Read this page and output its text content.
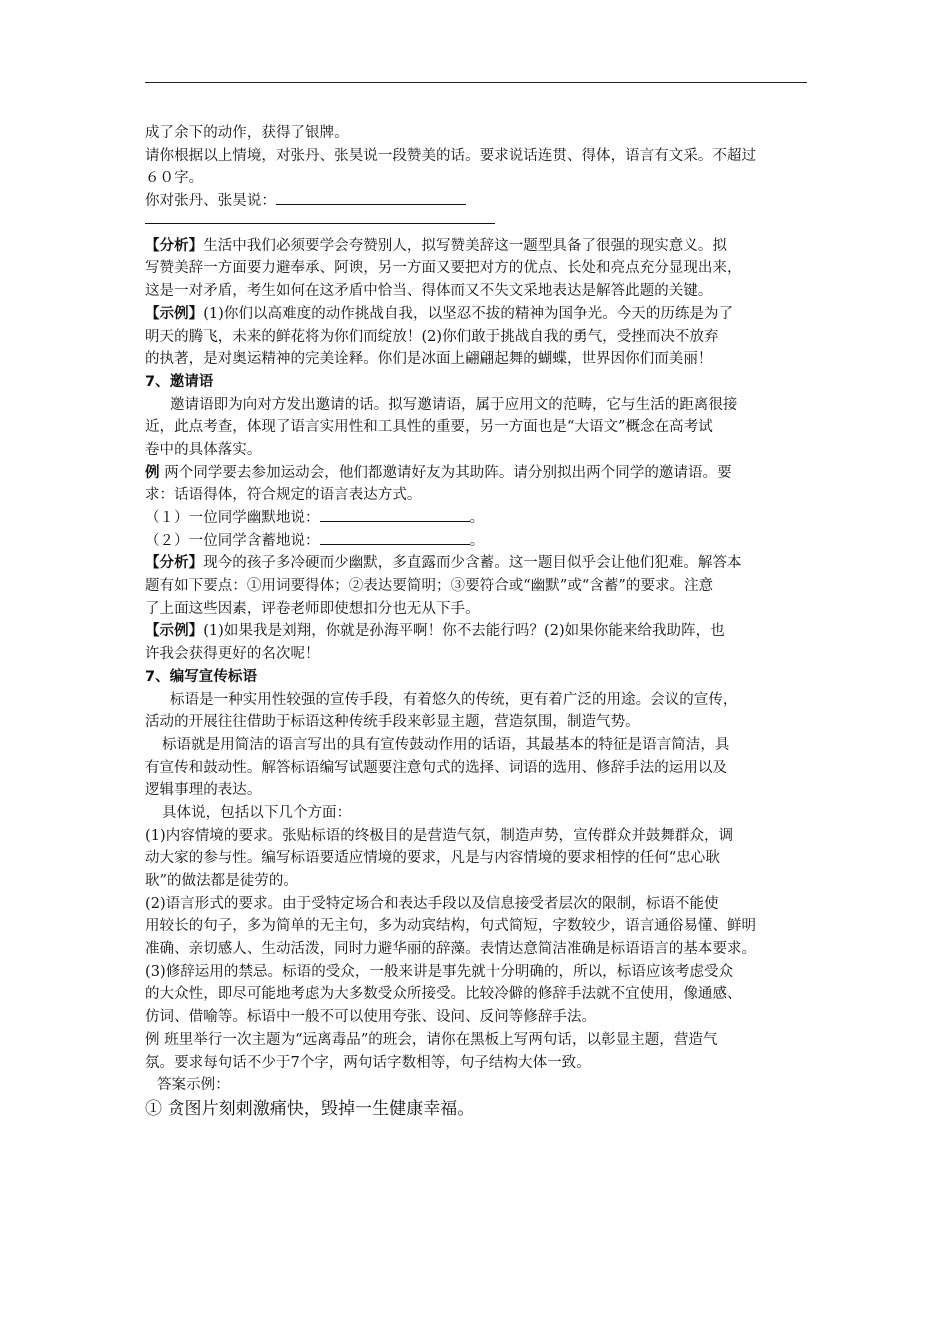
成了余下的动作，获得了银牌。
请你根据以上情境，对张丹、张昊说一段赞美的话。要求说话连贯、得体，语言有文采。不超过
６０字。
你对张丹、张昊说：
【分析】生活中我们必须要学会夸赞别人，拟写赞美辞这一题型具备了很强的现实意义。拟
写赞美辞一方面要力避奉承、阿谀，另一方面又要把对方的优点、长处和亮点充分显现出来，
这是一对矛盾，考生如何在这矛盾中恰当、得体而又不失文采地表达是解答此题的关键。
【示例】(1)你们以高难度的动作挑战自我，以坚忍不拔的精神为国争光。今天的历练是为了
明天的腾飞，未来的鲜花将为你们而绽放！(2)你们敢于挑战自我的勇气，受挫而决不放弃
的执著，是对奥运精神的完美诠释。你们是冰面上翩翩起舞的蝴蝶，世界因你们而美丽！
7、邀请语
邀请语即为向对方发出邀请的话。拟写邀请语，属于应用文的范畴，它与生活的距离很接
近，此点考查，体现了语言实用性和工具性的重要，另一方面也是“大语文”概念在高考试
卷中的具体落实。
例 两个同学要去参加运动会，他们都邀请好友为其助阵。请分别拟出两个同学的邀请语。要
求：话语得体，符合规定的语言表达方式。
（１）一位同学幽默地说：	。
（２）一位同学含蓄地说：	。
【分析】现今的孩子多冷硬而少幽默，多直露而少含蓄。这一题目似乎会让他们犯难。解答本
题有如下要点：①用词要得体；②表达要简明；③要符合或“幽默”或“含蓄”的要求。注意
了上面这些因素，评卷老师即使想扣分也无从下手。
【示例】(1)如果我是刘翔，你就是孙海平啊！你不去能行吗？(2)如果你能来给我助阵，也
许我会获得更好的名次呢！
7、编写宣传标语
标语是一种实用性较强的宣传手段，有着悠久的传统，更有着广泛的用途。会议的宣传，
活动的开展往往借助于标语这种传统手段来彰显主题，营造氛围，制造气势。
标语就是用简洁的语言写出的具有宣传鼓动作用的话语，其最基本的特征是语言简洁，具
有宣传和鼓动性。解答标语编写试题要注意句式的选择、词语的选用、修辞手法的运用以及
逻辑事理的表达。
具体说，包括以下几个方面：
(1)内容情境的要求。张贴标语的终极目的是营造气氛，制造声势，宣传群众并鼓舞群众，调
动大家的参与性。编写标语要适应情境的要求，凡是与内容情境的要求相悖的任何“忠心耿
耿”的做法都是徒劳的。
(2)语言形式的要求。由于受特定场合和表达手段以及信息接受者层次的限制，标语不能使
用较长的句子，多为简单的无主句，多为动宾结构，句式简短，字数较少，语言通俗易懂、鲜明
准确、亲切感人、生动活泼，同时力避华丽的辞藻。表情达意简洁准确是标语语言的基本要求。
(3)修辞运用的禁忌。标语的受众，一般来讲是事先就十分明确的，所以，标语应该考虑受众
的大众性，即尽可能地考虑为大多数受众所接受。比较冷僻的修辞手法就不宜使用，像通感、
仿词、借喻等。标语中一般不可以使用夸张、设问、反问等修辞手法。
例 班里举行一次主题为“远离毒品”的班会，请你在黑板上写两句话，以彰显主题，营造气
氛。要求每句话不少于7个字，两句话字数相等，句子结构大体一致。
答案示例：
① 贪图片刻刺激痛快，毁掉一生健康幸福。
